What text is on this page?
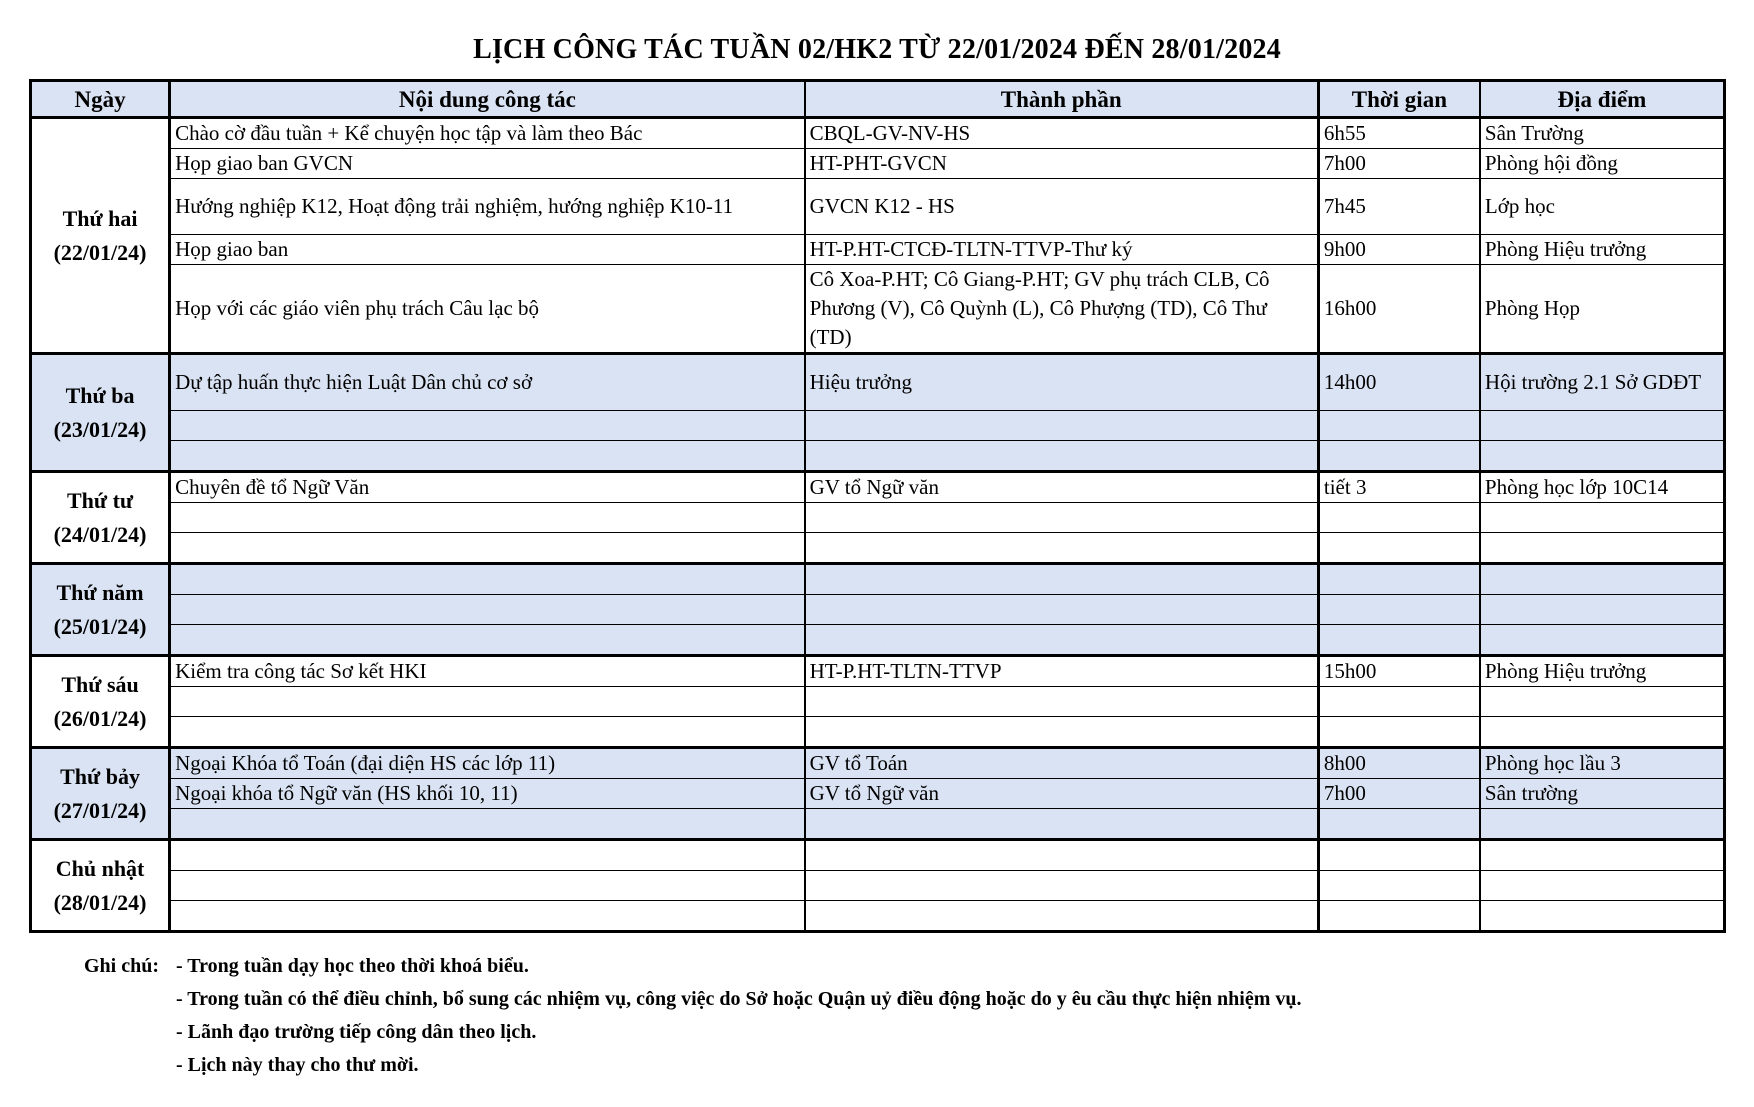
LỊCH CÔNG TÁC TUẦN 02/HK2 TỪ 22/01/2024 ĐẾN 28/01/2024
Ngày	Nội dung công tác	Thành phần	Thời gian	Địa điểm

Thứ hai
(22/01/24)	Chào cờ đầu tuần + Kể chuyện học tập và làm theo Bác	CBQL-GV-NV-HS	6h55	Sân Trường
	Họp giao ban GVCN	HT-PHT-GVCN	7h00	Phòng hội đồng
	Hướng nghiệp K12, Hoạt động trải nghiệm, hướng nghiệp K10-11	GVCN K12 - HS	7h45	Lớp học
	Họp giao ban	HT-P.HT-CTCĐ-TLTN-TTVP-Thư ký	9h00	Phòng Hiệu trưởng
	Họp với các giáo viên phụ trách Câu lạc bộ	Cô Xoa-P.HT; Cô Giang-P.HT; GV phụ trách CLB, Cô Phương (V), Cô Quỳnh (L), Cô Phượng (TD), Cô Thư (TD)	16h00	Phòng Họp

Thứ ba
(23/01/24)	Dự tập huấn thực hiện Luật Dân chủ cơ sở	Hiệu trưởng	14h00	Hội trường 2.1 Sở GDĐT

Thứ tư
(24/01/24)	Chuyên đề tổ Ngữ Văn	GV tổ Ngữ văn	tiết 3	Phòng học lớp 10C14

Thứ năm
(25/01/24)				

Thứ sáu
(26/01/24)	Kiểm tra công tác Sơ kết HKI	HT-P.HT-TLTN-TTVP	15h00	Phòng Hiệu trưởng

Thứ bảy
(27/01/24)	Ngoại Khóa tổ Toán (đại diện HS các lớp 11)	GV tổ Toán	8h00	Phòng học lầu 3
	Ngoại khóa tổ Ngữ văn (HS khối 10, 11)	GV tổ Ngữ văn	7h00	Sân trường

Chủ nhật
(28/01/24)				

Ghi chú: - Trong tuần dạy học theo thời khoá biểu.
- Trong tuần có thể điều chỉnh, bổ sung các nhiệm vụ, công việc do Sở hoặc Quận uỷ điều động hoặc do y êu cầu thực hiện nhiệm vụ.
- Lãnh đạo trường tiếp công dân theo lịch.
- Lịch này thay cho thư mời.
